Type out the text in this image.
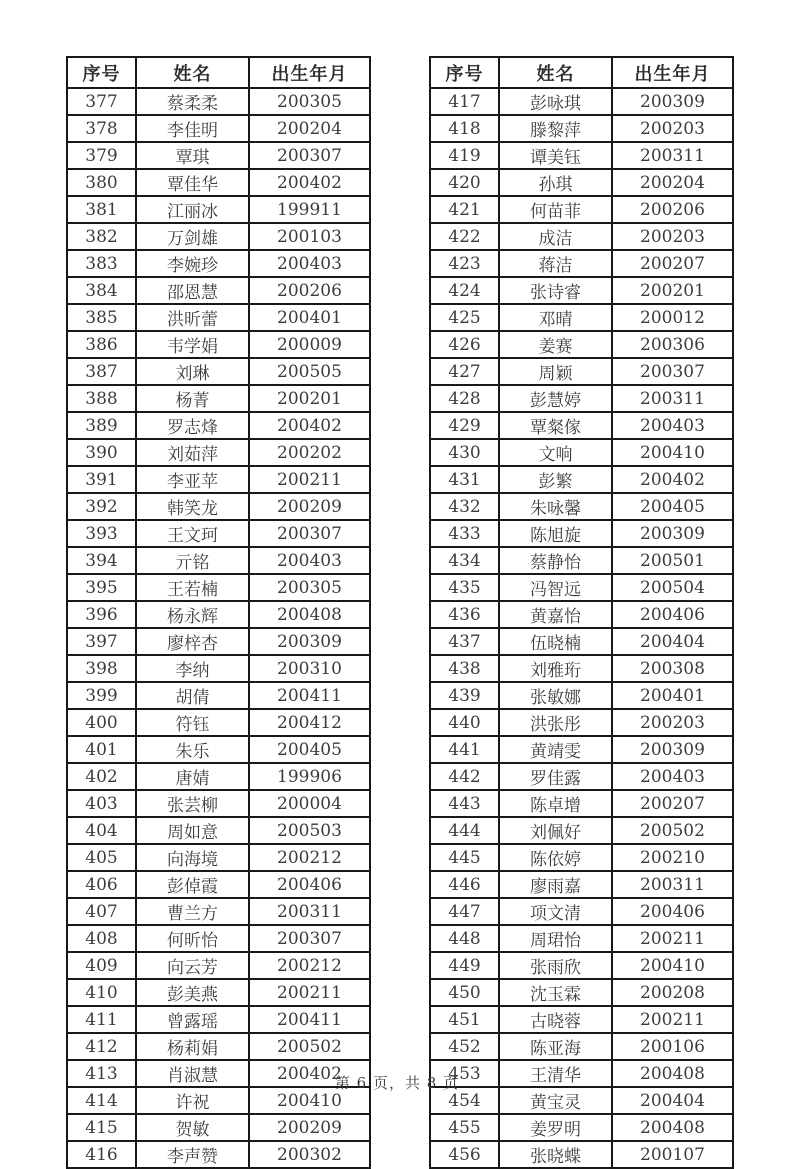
序号	姓名	出生年月
377	蔡柔柔	200305
378	李佳明	200204
379	覃琪	200307
380	覃佳华	200402
381	江丽冰	199911
382	万剑雄	200103
383	李婉珍	200403
384	邵恩慧	200206
385	洪昕蕾	200401
386	韦学娟	200009
387	刘琳	200505
388	杨菁	200201
389	罗志烽	200402
390	刘茹萍	200202
391	李亚苹	200211
392	韩笑龙	200209
393	王文珂	200307
394	亓铭	200403
395	王若楠	200305
396	杨永辉	200408
397	廖梓杏	200309
398	李纳	200310
399	胡倩	200411
400	符钰	200412
401	朱乐	200405
402	唐婧	199906
403	张芸柳	200004
404	周如意	200503
405	向海境	200212
406	彭倬霞	200406
407	曹兰方	200311
408	何昕怡	200307
409	向云芳	200212
410	彭美燕	200211
411	曾露瑶	200411
412	杨莉娟	200502
413	肖淑慧	200402
414	许祝	200410
415	贺敏	200209
416	李声赞	200302
序号	姓名	出生年月
417	彭咏琪	200309
418	滕黎萍	200203
419	谭美钰	200311
420	孙琪	200204
421	何苗菲	200206
422	成洁	200203
423	蒋洁	200207
424	张诗睿	200201
425	邓晴	200012
426	姜赛	200306
427	周颖	200307
428	彭慧婷	200311
429	覃粲傢	200403
430	文响	200410
431	彭繁	200402
432	朱咏馨	200405
433	陈旭旋	200309
434	蔡静怡	200501
435	冯智远	200504
436	黄嘉怡	200406
437	伍晓楠	200404
438	刘雅珩	200308
439	张敏娜	200401
440	洪张彤	200203
441	黄靖雯	200309
442	罗佳露	200403
443	陈卓增	200207
444	刘佩好	200502
445	陈依婷	200210
446	廖雨嘉	200311
447	项文清	200406
448	周珺怡	200211
449	张雨欣	200410
450	沈玉霖	200208
451	古晓蓉	200211
452	陈亚海	200106
453	王清华	200408
454	黄宝灵	200404
455	姜罗明	200408
456	张晓蝶	200107
第 6 页，共 8 页
